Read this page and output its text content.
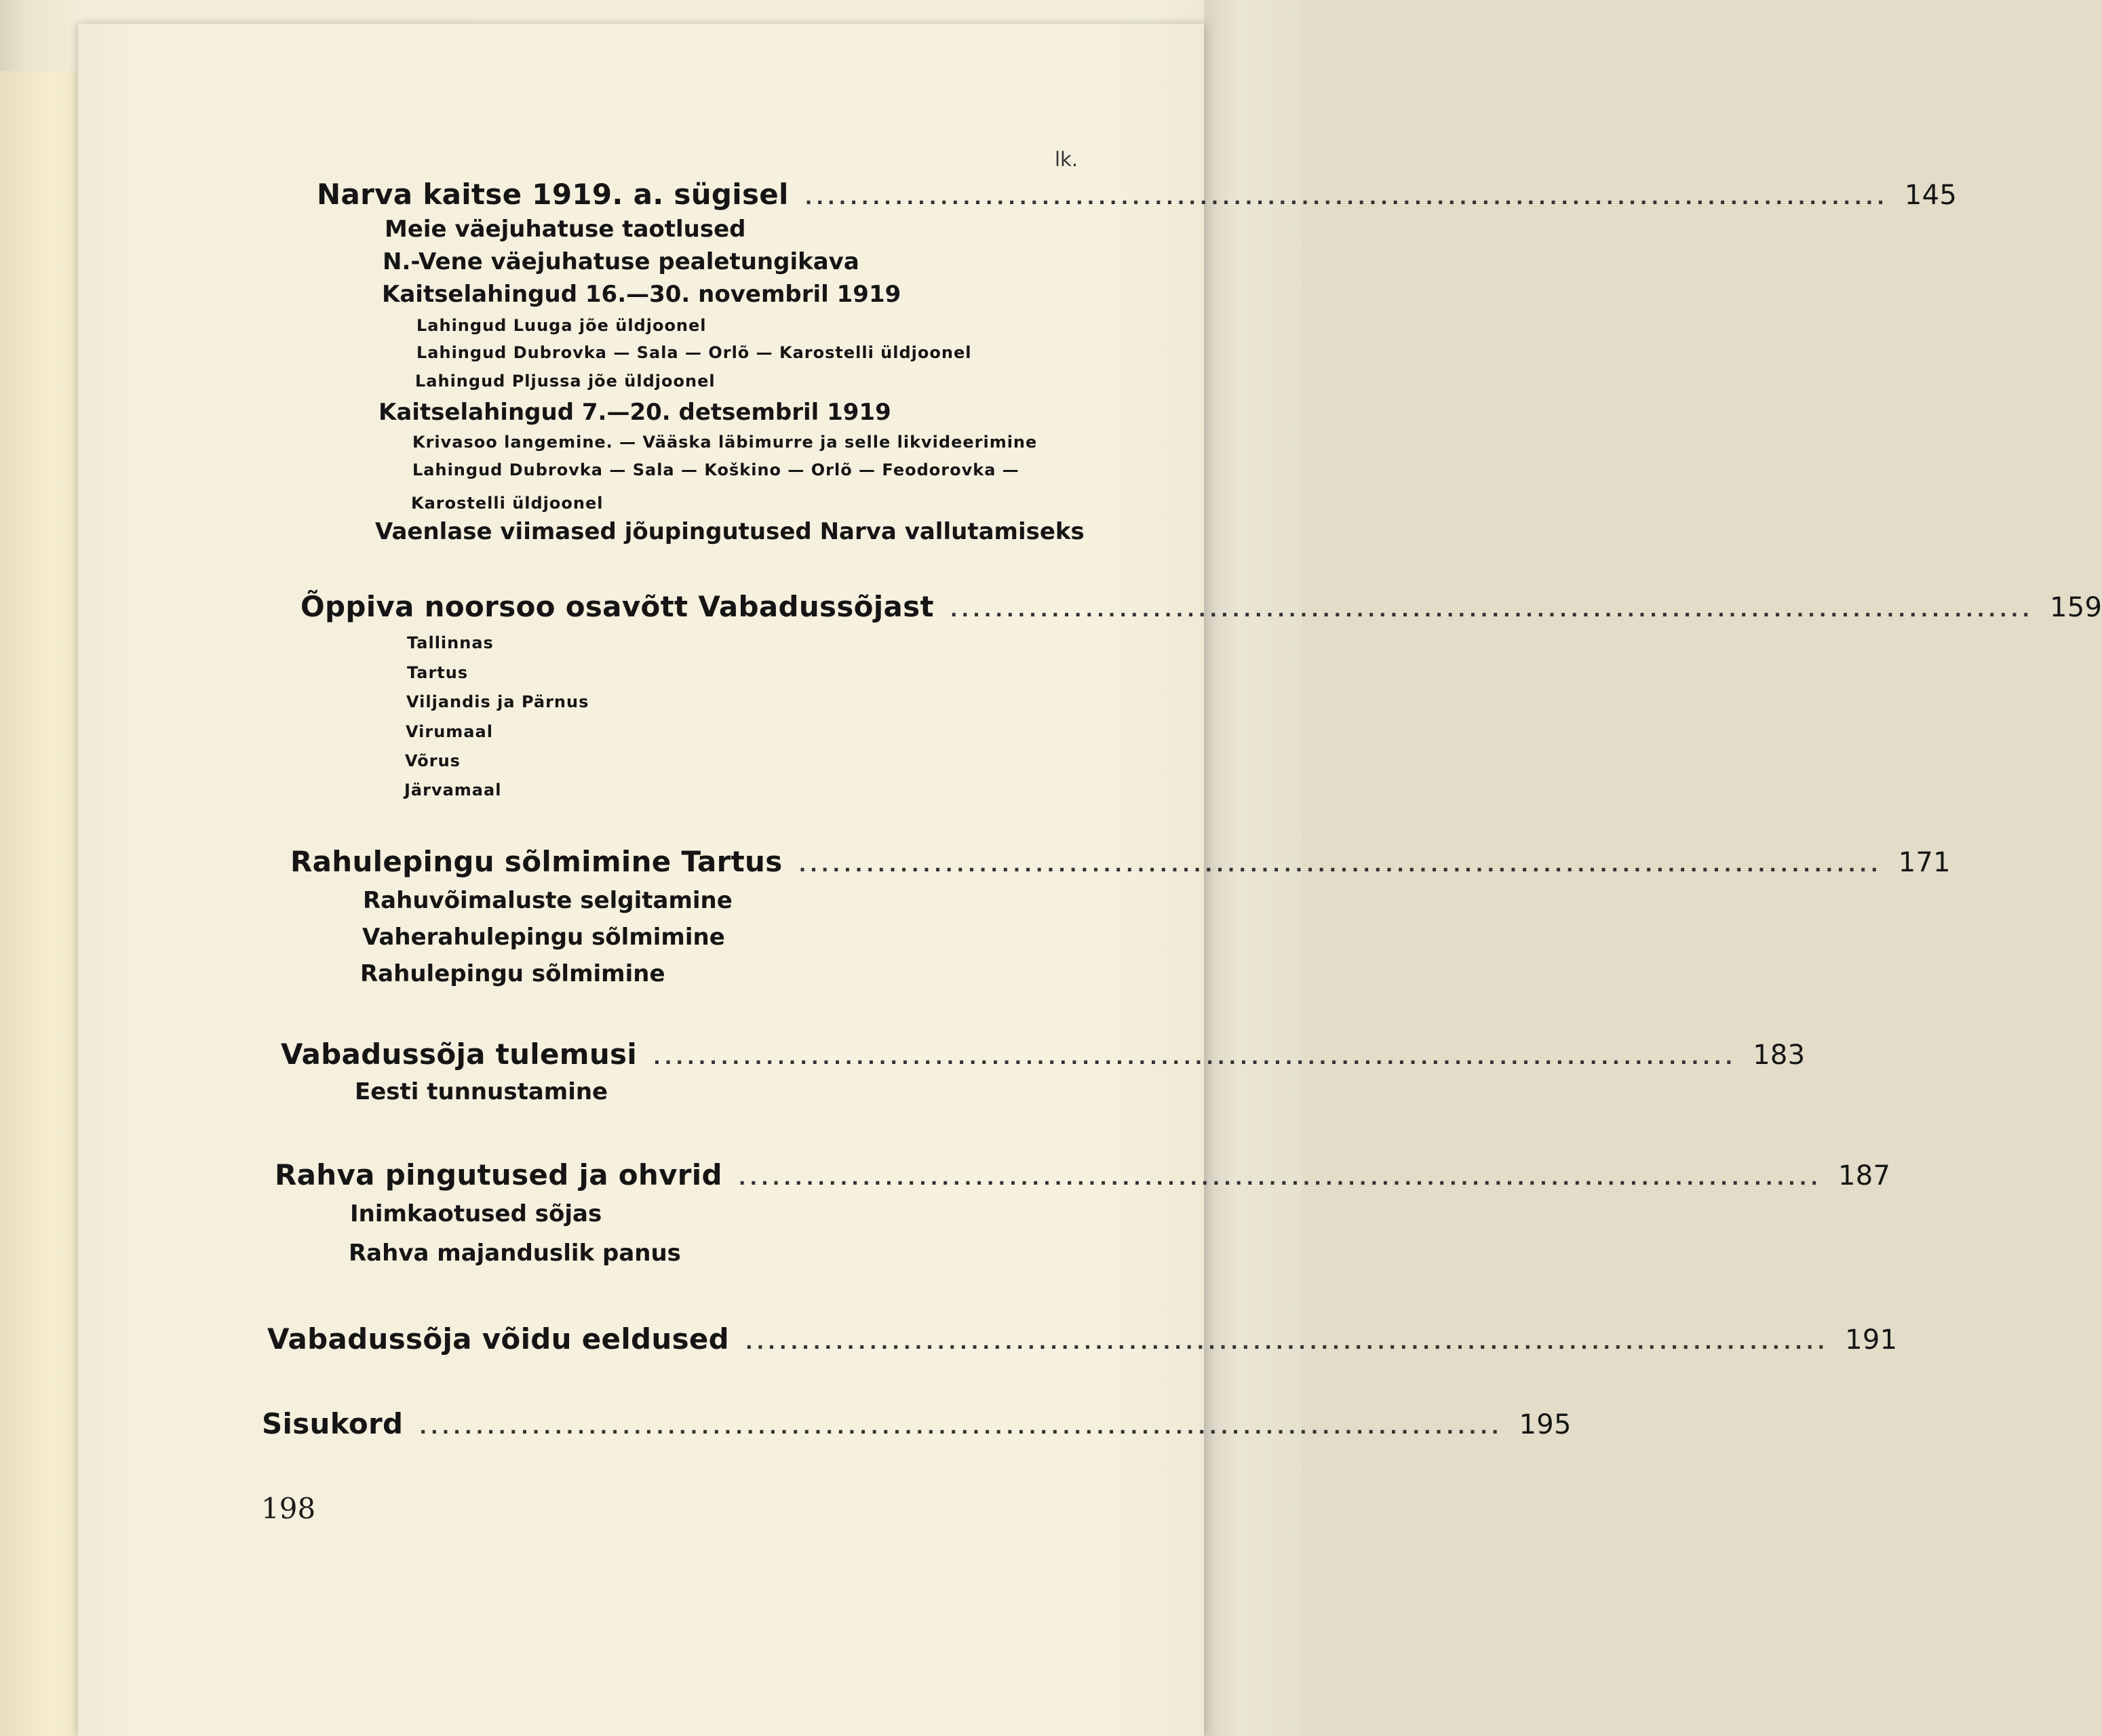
lk.
Narva kaitse 1919. a. sügisel ................................................................................................ 145
Meie väejuhatuse taotlused
N.-Vene väejuhatuse pealetungikava
Kaitselahingud 16.—30. novembril 1919
Lahingud Luuga jõe üldjoonel
Lahingud Dubrovka — Sala — Orlõ — Karostelli üldjoonel
Lahingud Pljussa jõe üldjoonel
Kaitselahingud 7.—20. detsembril 1919
Krivasoo langemine. — Vääska läbimurre ja selle likvideerimine
Lahingud Dubrovka — Sala — Koškino — Orlõ — Feodorovka —
Karostelli üldjoonel
Vaenlase viimased jõupingutused Narva vallutamiseks
Õppiva noorsoo osavõtt Vabadussõjast ................................................................................................ 159
Tallinnas
Tartus
Viljandis ja Pärnus
Virumaal
Võrus
Järvamaal
Rahulepingu sõlmimine Tartus ................................................................................................ 171
Rahuvõimaluste selgitamine
Vaherahulepingu sõlmimine
Rahulepingu sõlmimine
Vabadussõja tulemusi ................................................................................................ 183
Eesti tunnustamine
Rahva pingutused ja ohvrid ................................................................................................ 187
Inimkaotused sõjas
Rahva majanduslik panus
Vabadussõja võidu eeldused ................................................................................................ 191
Sisukord ................................................................................................ 195
198
